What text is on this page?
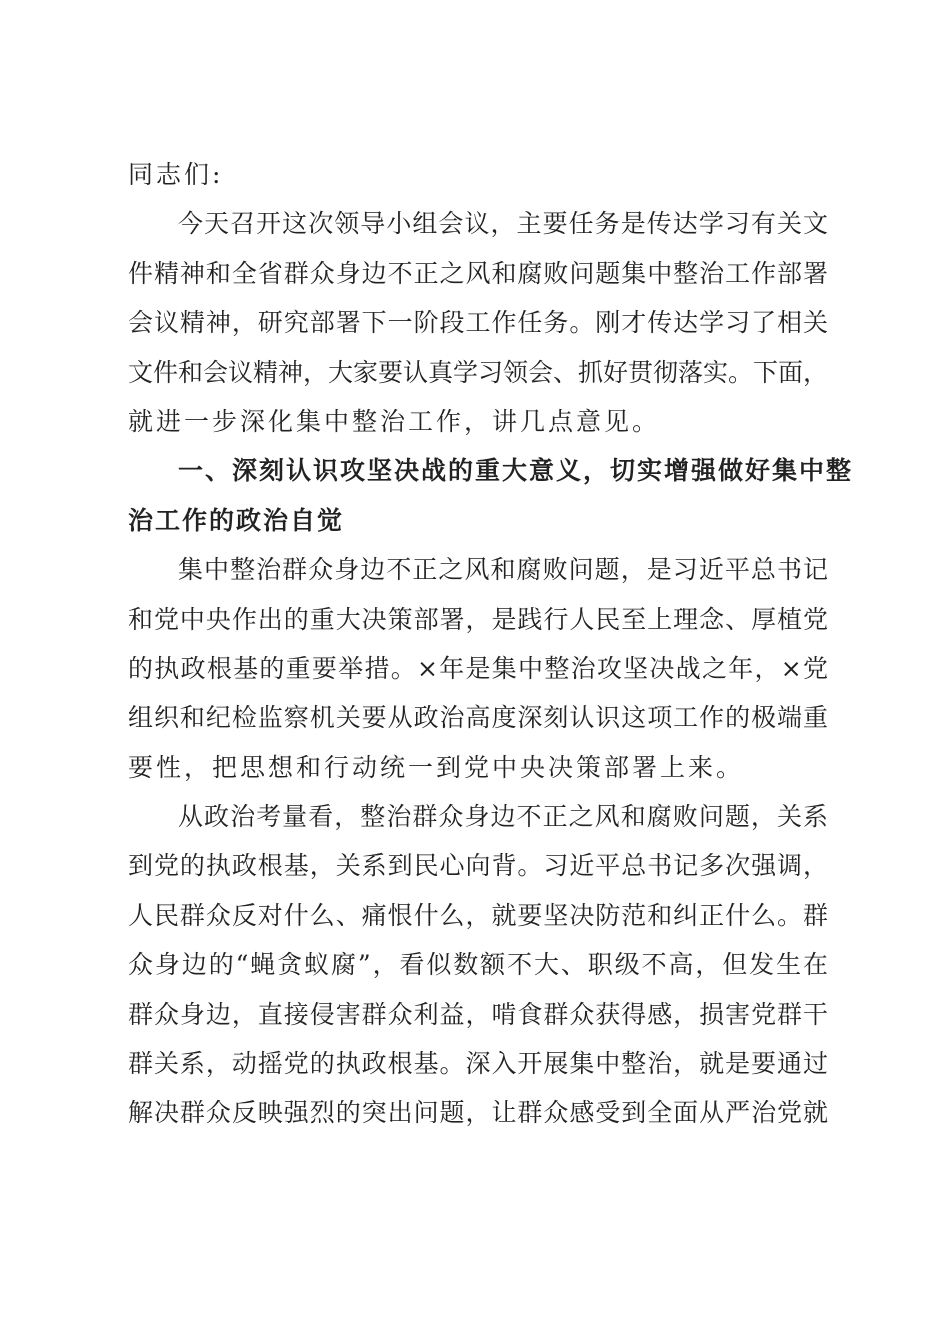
同志们:
今天召开这次领导小组会议，主要任务是传达学习有关文
件精神和全省群众身边不正之风和腐败问题集中整治工作部署
会议精神，研究部署下一阶段工作任务。刚才传达学习了相关
文件和会议精神，大家要认真学习领会、抓好贯彻落实。下面，
就进一步深化集中整治工作，讲几点意见。
一、深刻认识攻坚决战的重大意义，切实增强做好集中整
治工作的政治自觉
集中整治群众身边不正之风和腐败问题，是习近平总书记
和党中央作出的重大决策部署，是践行人民至上理念、厚植党
的执政根基的重要举措。×年是集中整治攻坚决战之年，×党
组织和纪检监察机关要从政治高度深刻认识这项工作的极端重
要性，把思想和行动统一到党中央决策部署上来。
从政治考量看，整治群众身边不正之风和腐败问题，关系
到党的执政根基，关系到民心向背。习近平总书记多次强调，
人民群众反对什么、痛恨什么，就要坚决防范和纠正什么。群
众身边的“蝇贪蚁腐”，看似数额不大、职级不高，但发生在
群众身边，直接侵害群众利益，啃食群众获得感，损害党群干
群关系，动摇党的执政根基。深入开展集中整治，就是要通过
解决群众反映强烈的突出问题，让群众感受到全面从严治党就
